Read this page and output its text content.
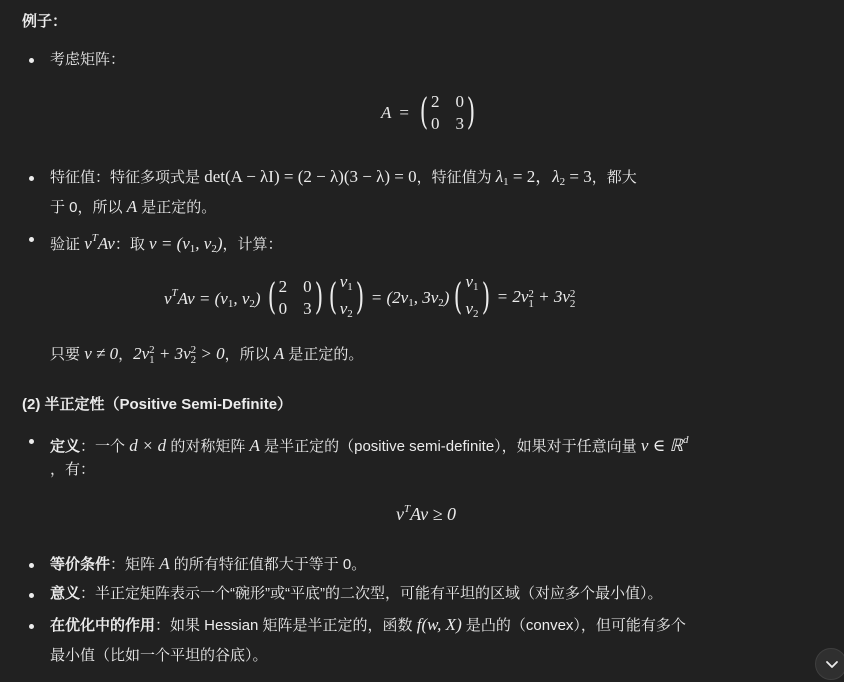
例子：
考虑矩阵：
A = ( 2 0
0 3 )
特征值：特征多项式是 det(A − λI) = (2 − λ)(3 − λ) = 0，特征值为 $\lambda_1 = 2$，$\lambda_2 = 3$，都大
于 0，所以 A 是正定的。
验证 $v^TAv$：取 $v = (v_1$, $v_2$)，计算：
$v^TAv = (v_1$, $v_2$) ( 2 0
0 3 ) ( $v_1$
$v_2$ ) = ($2v_1$, $3v_2$) ( $v_1$
$v_2$ ) = 2v 2
1 + 3v 2
2
只要 v ≠ 0，2v 2
1 + 3v 2
2 > 0，所以 A 是正定的。
(2) 半正定性（Positive Semi-Definite）
定义：一个 d × d 的对称矩阵 A 是半正定的（positive semi-definite），如果对于任意向量 v ∈ ℝ$^d$
，有：
$v^TAv \ge 0$
等价条件：矩阵 A 的所有特征值都大于等于 0。
意义：半正定矩阵表示一个“碗形”或“平底”的二次型，可能有平坦的区域（对应多个最小值）。
在优化中的作用：如果 Hessian 矩阵是半正定的，函数 f(w, X) 是凸的（convex），但可能有多个
最小值（比如一个平坦的谷底）。
